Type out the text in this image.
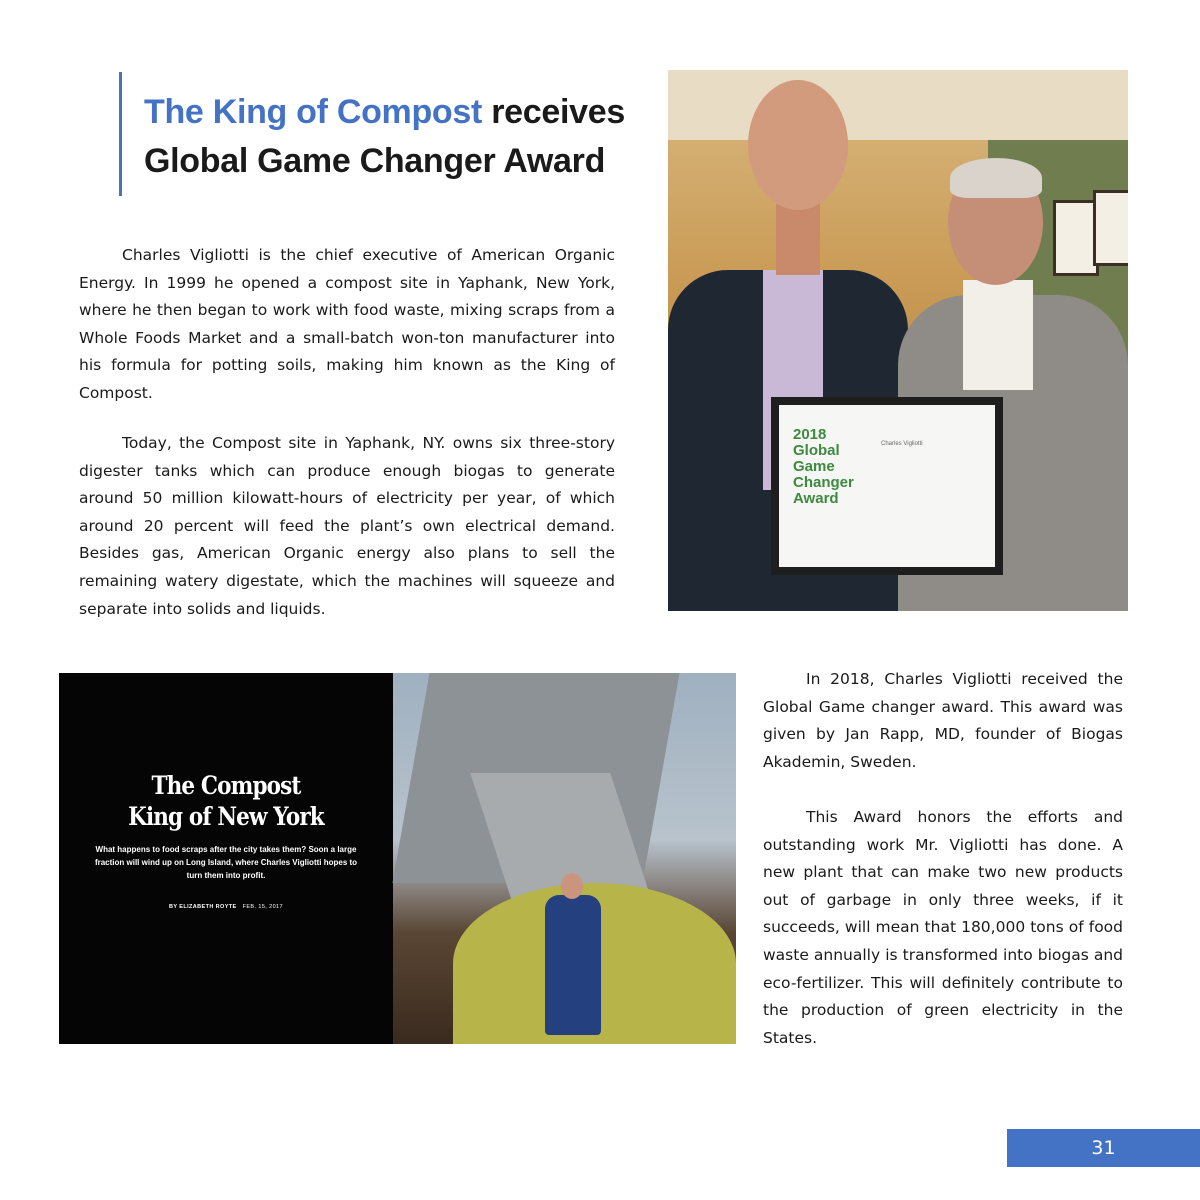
The King of Compost receives
Global Game Changer Award

Charles Vigliotti is the chief executive of American Organic Energy. In 1999 he opened a compost site in Yaphank, New York, where he then began to work with food waste, mixing scraps from a Whole Foods Market and a small-batch won-ton manufacturer into his formula for potting soils, making him known as the King of Compost.

Today, the Compost site in Yaphank, NY. owns six three-story digester tanks which can produce enough biogas to generate around 50 million kilowatt-hours of electricity per year, of which around 20 percent will feed the plant’s own electrical demand. Besides gas, American Organic energy also plans to sell the remaining watery digestate, which the machines will squeeze and separate into solids and liquids.

2018
Global
Game
Changer
Award
Charles Vigliotti
The Compost
King of New York
What happens to food scraps after the city takes them? Soon a large fraction will wind up on Long Island, where Charles Vigliotti hopes to turn them into profit.
BY ELIZABETH ROYTE FEB. 15, 2017

In 2018, Charles Vigliotti received the Global Game changer award. This award was given by Jan Rapp, MD, founder of Biogas Akademin, Sweden.

This Award honors the efforts and outstanding work Mr. Vigliotti has done. A new plant that can make two new products out of garbage in only three weeks, if it succeeds, will mean that 180,000 tons of food waste annually is transformed into biogas and eco-fertilizer. This will definitely contribute to the production of green electricity in the States.

31
